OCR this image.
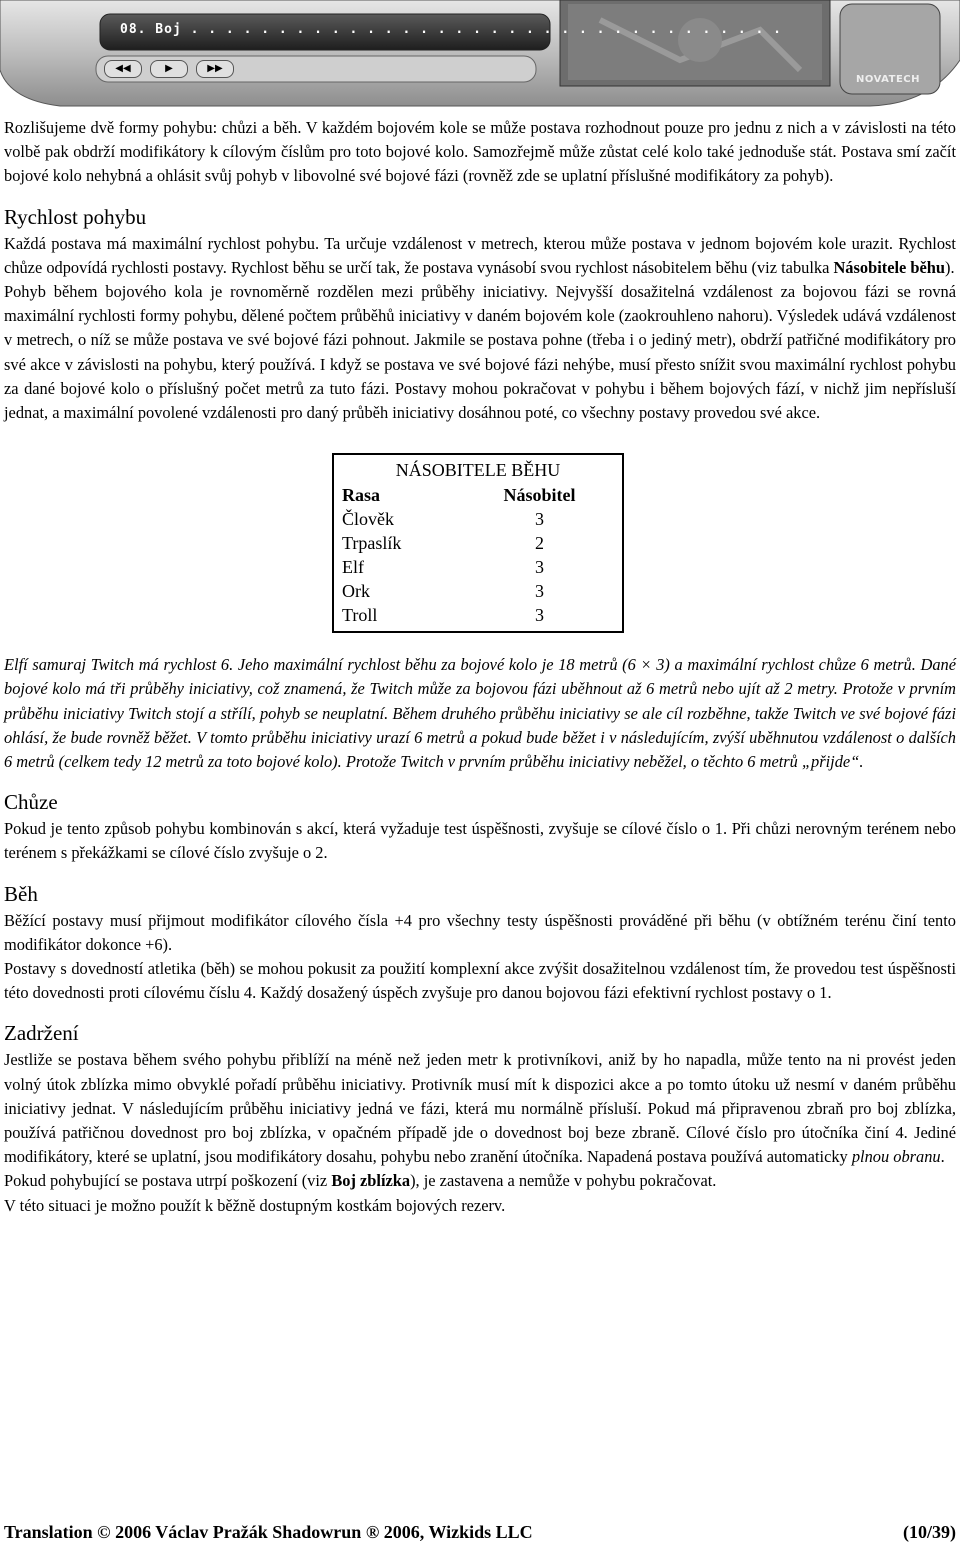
◀◀	▶	▶▶
08. Boj . . . . . . . . . . . . . . . . . . . . . . . . . . . . . . . . . .
NOVATECH

Rozlišujeme dvě formy pohybu: chůzi a běh. V každém bojovém kole se může postava rozhodnout pouze pro jednu z nich a v závislosti na této volbě pak obdrží modifikátory k cílovým číslům pro toto bojové kolo. Samozřejmě může zůstat celé kolo také jednoduše stát. Postava smí začít bojové kolo nehybná a ohlásit svůj pohyb v libovolné své bojové fázi (rovněž zde se uplatní příslušné modifikátory za pohyb).

Rychlost pohybu

Každá postava má maximální rychlost pohybu. Ta určuje vzdálenost v metrech, kterou může postava v jednom bojovém kole urazit. Rychlost chůze odpovídá rychlosti postavy. Rychlost běhu se určí tak, že postava vynásobí svou rychlost násobitelem běhu (viz tabulka Násobitele běhu).

Pohyb během bojového kola je rovnoměrně rozdělen mezi průběhy iniciativy. Nejvyšší dosažitelná vzdálenost za bojovou fázi se rovná maximální rychlosti formy pohybu, dělené počtem průběhů iniciativy v daném bojovém kole (zaokrouhleno nahoru). Výsledek udává vzdálenost v metrech, o níž se může postava ve své bojové fázi pohnout. Jakmile se postava pohne (třeba i o jediný metr), obdrží patřičné modifikátory pro své akce v závislosti na pohybu, který používá. I když se postava ve své bojové fázi nehýbe, musí přesto snížit svou maximální rychlost pohybu za dané bojové kolo o příslušný počet metrů za tuto fázi. Postavy mohou pokračovat v pohybu i během bojových fází, v nichž jim nepřísluší jednat, a maximální povolené vzdálenosti pro daný průběh iniciativy dosáhnou poté, co všechny postavy provedou své akce.

NÁSOBITELE BĚHU
Rasa	Násobitel
Člověk	3
Trpaslík	2
Elf	3
Ork	3
Troll	3

Elfí samuraj Twitch má rychlost 6. Jeho maximální rychlost běhu za bojové kolo je 18 metrů (6 × 3) a maximální rychlost chůze 6 metrů. Dané bojové kolo má tři průběhy iniciativy, což znamená, že Twitch může za bojovou fázi uběhnout až 6 metrů nebo ujít až 2 metry. Protože v prvním průběhu iniciativy Twitch stojí a střílí, pohyb se neuplatní. Během druhého průběhu iniciativy se ale cíl rozběhne, takže Twitch ve své bojové fázi ohlásí, že bude rovněž běžet. V tomto průběhu iniciativy urazí 6 metrů a pokud bude běžet i v následujícím, zvýší uběhnutou vzdálenost o dalších 6 metrů (celkem tedy 12 metrů za toto bojové kolo). Protože Twitch v prvním průběhu iniciativy neběžel, o těchto 6 metrů „přijde“.

Chůze

Pokud je tento způsob pohybu kombinován s akcí, která vyžaduje test úspěšnosti, zvyšuje se cílové číslo o 1. Při chůzi nerovným terénem nebo terénem s překážkami se cílové číslo zvyšuje o 2.

Běh

Běžící postavy musí přijmout modifikátor cílového čísla +4 pro všechny testy úspěšnosti prováděné při běhu (v obtížném terénu činí tento modifikátor dokonce +6).

Postavy s dovedností atletika (běh) se mohou pokusit za použití komplexní akce zvýšit dosažitelnou vzdálenost tím, že provedou test úspěšnosti této dovednosti proti cílovému číslu 4. Každý dosažený úspěch zvyšuje pro danou bojovou fázi efektivní rychlost postavy o 1.

Zadržení

Jestliže se postava během svého pohybu přiblíží na méně než jeden metr k protivníkovi, aniž by ho napadla, může tento na ni provést jeden volný útok zblízka mimo obvyklé pořadí průběhu iniciativy. Protivník musí mít k dispozici akce a po tomto útoku už nesmí v daném průběhu iniciativy jednat. V následujícím průběhu iniciativy jedná ve fázi, která mu normálně přísluší. Pokud má připravenou zbraň pro boj zblízka, používá patřičnou dovednost pro boj zblízka, v opačném případě jde o dovednost boj beze zbraně. Cílové číslo pro útočníka činí 4. Jediné modifikátory, které se uplatní, jsou modifikátory dosahu, pohybu nebo zranění útočníka. Napadená postava používá automaticky plnou obranu.

Pokud pohybující se postava utrpí poškození (viz Boj zblízka), je zastavena a nemůže v pohybu pokračovat.

V této situaci je možno použít k běžně dostupným kostkám bojových rezerv.

Translation © 2006 Václav Pražák Shadowrun ® 2006, Wizkids LLC	(10/39)
